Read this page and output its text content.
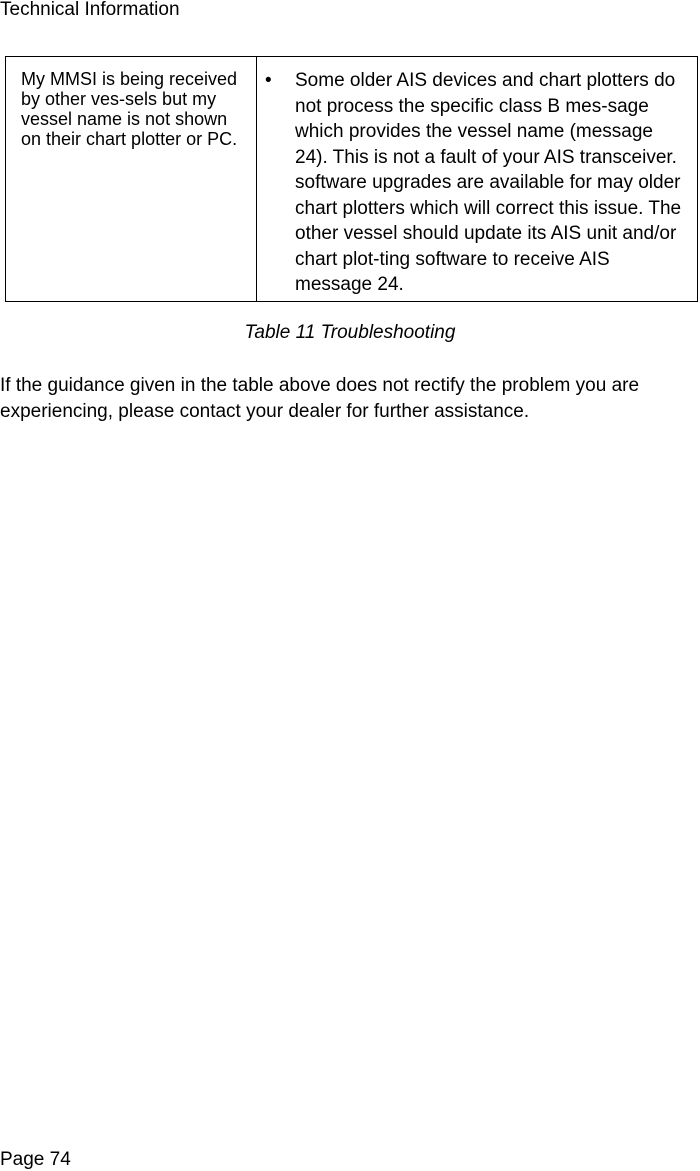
Technical Information
My MMSI is being received by other ves-sels but my vessel name is not shown on their chart plotter or PC.
•	Some older AIS devices and chart plotters do not process the specific class B mes-sage which provides the vessel name (message 24). This is not a fault of your AIS transceiver. software upgrades are available for may older chart plotters which will correct this issue. The other vessel should update its AIS unit and/or chart plot-ting software to receive AIS message 24.
Table 11 Troubleshooting
If the guidance given in the table above does not rectify the problem you are experiencing, please contact your dealer for further assistance.
Page 74
